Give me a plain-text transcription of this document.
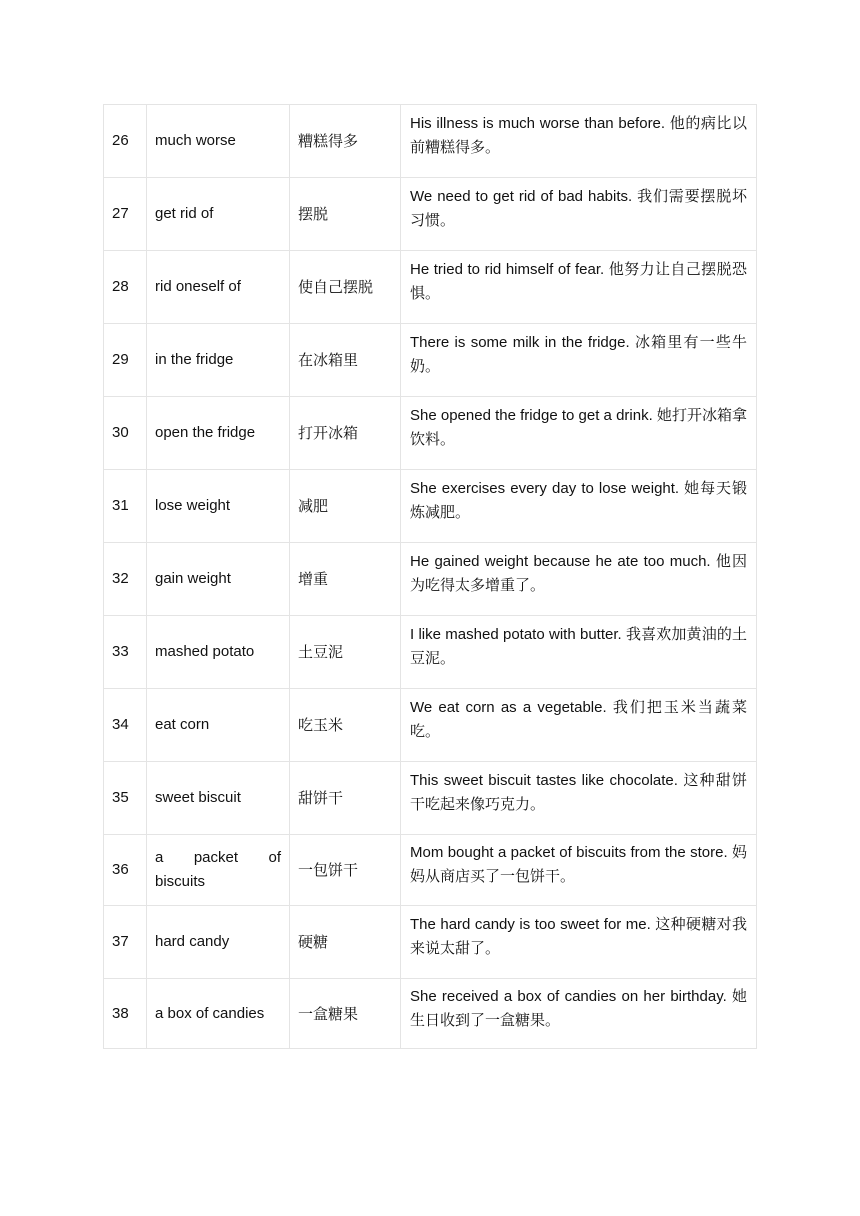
26	much worse	糟糕得多	His illness is much worse than before. 他的病比以前糟糕得多。

27	get rid of	摆脱	We need to get rid of bad habits. 我们需要摆脱坏习惯。

28	rid oneself of	使自己摆脱	He tried to rid himself of fear. 他努力让自己摆脱恐惧。

29	in the fridge	在冰箱里	There is some milk in the fridge. 冰箱里有一些牛奶。

30	open the fridge	打开冰箱	She opened the fridge to get a drink. 她打开冰箱拿饮料。

31	lose weight	减肥	She exercises every day to lose weight. 她每天锻炼减肥。

32	gain weight	增重	He gained weight because he ate too much. 他因为吃得太多增重了。

33	mashed potato	土豆泥	I like mashed potato with butter. 我喜欢加黄油的土豆泥。

34	eat corn	吃玉米	We eat corn as a vegetable. 我们把玉米当蔬菜吃。

35	sweet biscuit	甜饼干	This sweet biscuit tastes like chocolate. 这种甜饼干吃起来像巧克力。

36	a packet of biscuits	一包饼干	Mom bought a packet of biscuits from the store. 妈妈从商店买了一包饼干。

37	hard candy	硬糖	The hard candy is too sweet for me. 这种硬糖对我来说太甜了。

38	a box of candies	一盒糖果	She received a box of candies on her birthday. 她生日收到了一盒糖果。
